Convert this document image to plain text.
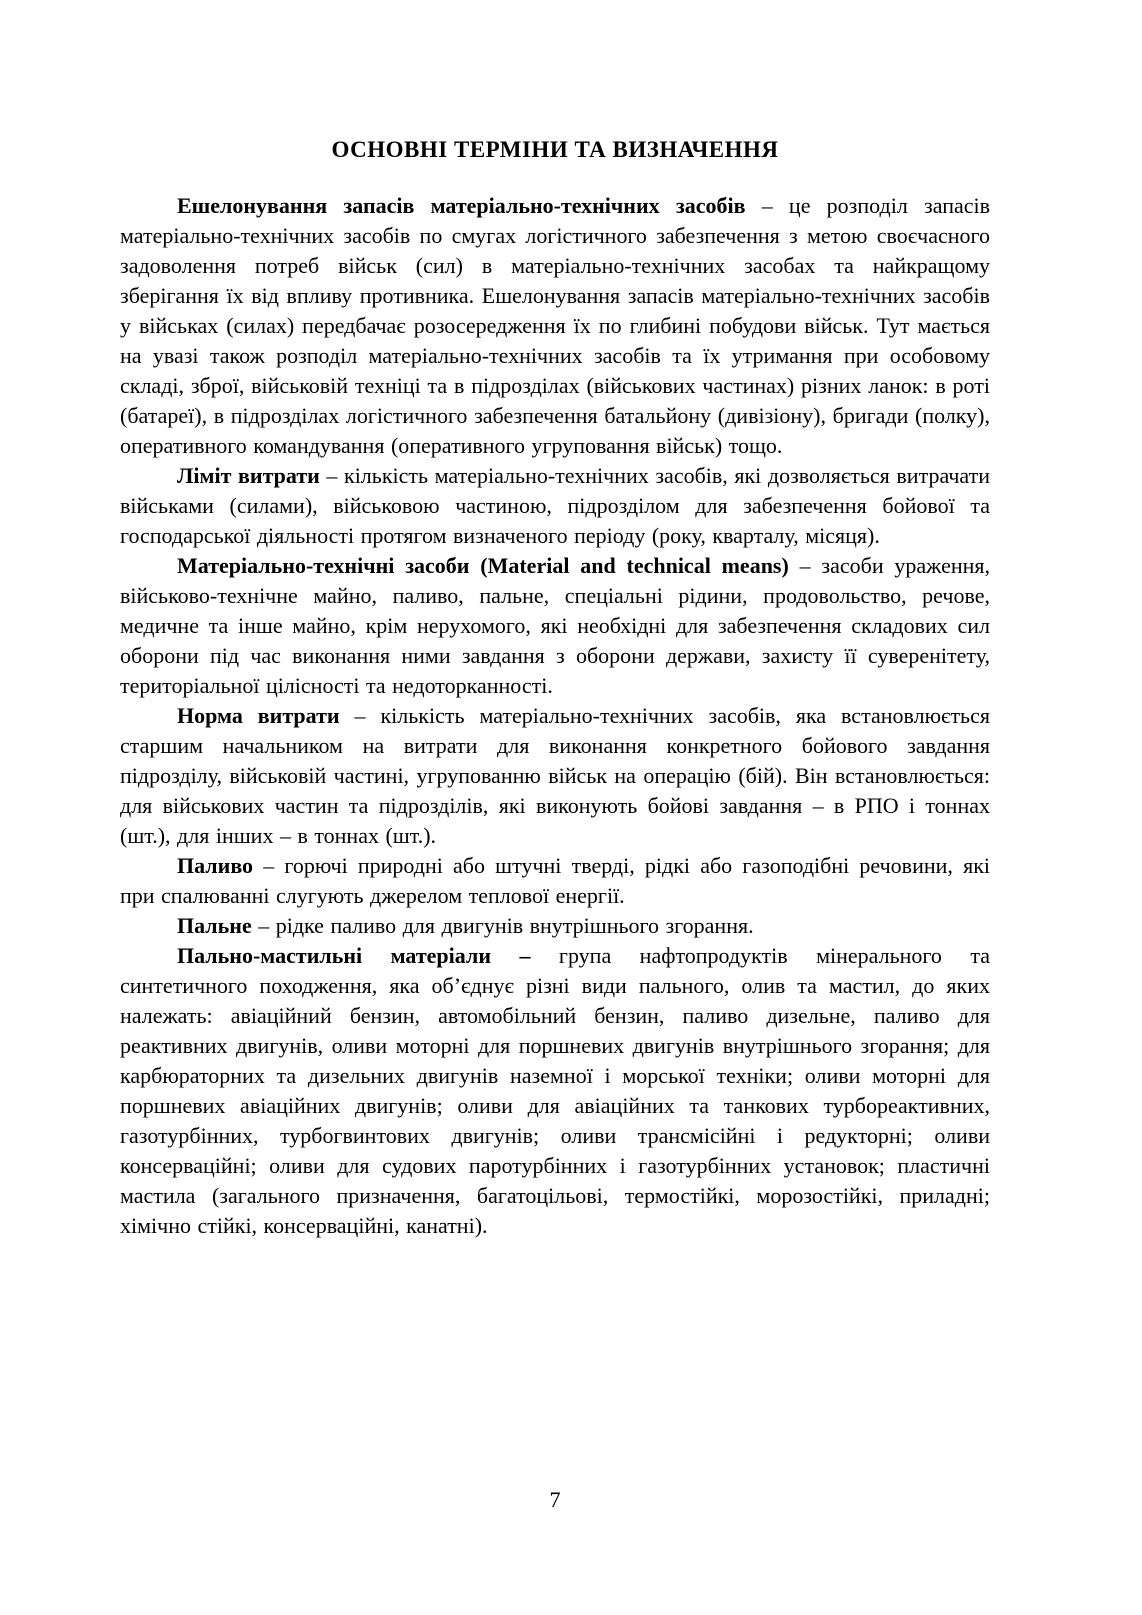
ОСНОВНІ ТЕРМІНИ ТА ВИЗНАЧЕННЯ

Ешелонування запасів матеріально-технічних засобів – це розподіл запасів матеріально-технічних засобів по смугах логістичного забезпечення з метою своєчасного задоволення потреб військ (сил) в матеріально-технічних засобах та найкращому зберігання їх від впливу противника. Ешелонування запасів матеріально-технічних засобів у військах (силах) передбачає розосередження їх по глибині побудови військ. Тут мається на увазі також розподіл матеріально-технічних засобів та їх утримання при особовому складі, зброї, військовій техніці та в підрозділах (військових частинах) різних ланок: в роті (батареї), в підрозділах логістичного забезпечення батальйону (дивізіону), бригади (полку), оперативного командування (оперативного угруповання військ) тощо.

Ліміт витрати – кількість матеріально-технічних засобів, які дозволяється витрачати військами (силами), військовою частиною, підрозділом для забезпечення бойової та господарської діяльності протягом визначеного періоду (року, кварталу, місяця).

Матеріально-технічні засоби (Material and technical means) – засоби ураження, військово-технічне майно, паливо, пальне, спеціальні рідини, продовольство, речове, медичне та інше майно, крім нерухомого, які необхідні для забезпечення складових сил оборони під час виконання ними завдання з оборони держави, захисту її суверенітету, територіальної цілісності та недоторканності.

Норма витрати – кількість матеріально-технічних засобів, яка встановлюється старшим начальником на витрати для виконання конкретного бойового завдання підрозділу, військовій частині, угрупованню військ на операцію (бій). Він встановлюється: для військових частин та підрозділів, які виконують бойові завдання – в РПО і тоннах (шт.), для інших – в тоннах (шт.).

Паливо – горючі природні або штучні тверді, рідкі або газоподібні речовини, які при спалюванні слугують джерелом теплової енергії.

Пальне – рідке паливо для двигунів внутрішнього згорання.

Пально-мастильні матеріали – група нафтопродуктів мінерального та синтетичного походження, яка об’єднує різні види пального, олив та мастил, до яких належать: авіаційний бензин, автомобільний бензин, паливо дизельне, паливо для реактивних двигунів, оливи моторні для поршневих двигунів внутрішнього згорання; для карбюраторних та дизельних двигунів наземної і морської техніки; оливи моторні для поршневих авіаційних двигунів; оливи для авіаційних та танкових турбореактивних, газотурбінних, турбогвинтових двигунів; оливи трансмісійні і редукторні; оливи консерваційні; оливи для судових паротурбінних і газотурбінних установок; пластичні мастила (загального призначення, багатоцільові, термостійкі, морозостійкі, приладні; хімічно стійкі, консерваційні, канатні).

7
